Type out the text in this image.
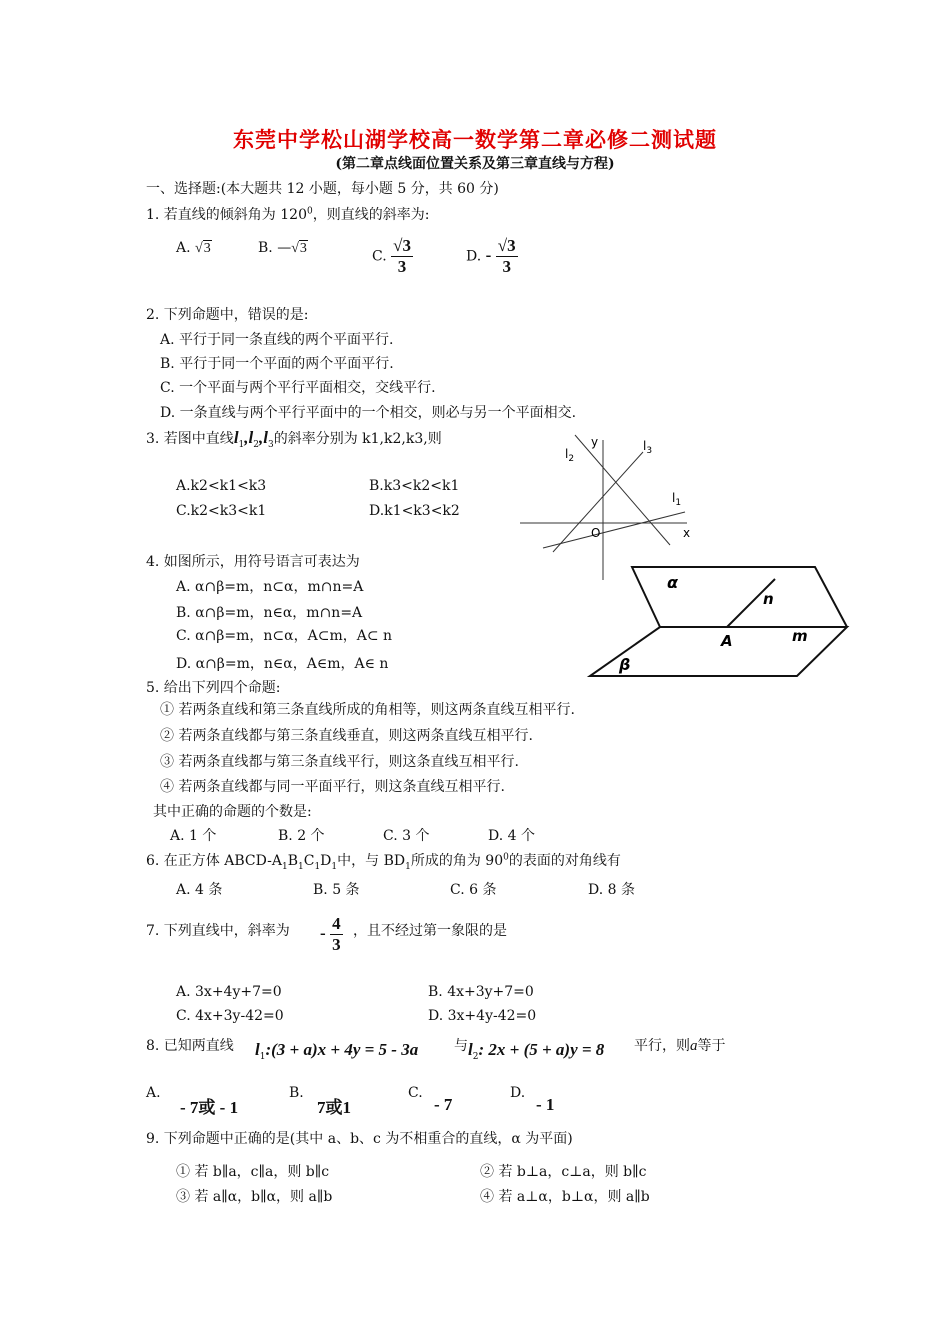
东莞中学松山湖学校高一数学第二章必修二测试题
(第二章点线面位置关系及第三章直线与方程)
一、选择题:(本大题共 12 小题，每小题 5 分，共 60 分)
1. 若直线的倾斜角为 $120^0$，则直线的斜率为:
A. √3	B. —√3	C. $\frac{√3}{3}$	D. - $\frac{√3}{3}$
2. 下列命题中，错误的是:
A. 平行于同一条直线的两个平面平行.
B. 平行于同一个平面的两个平面平行.
C. 一个平面与两个平行平面相交，交线平行.
D. 一条直线与两个平行平面中的一个相交，则必与另一个平面相交.
3. 若图中直线$l_1,l_2,l_3$的斜率分别为 k1,k2,k3,则
A.k2<k1<k3	B.k3<k2<k1
C.k2<k3<k1	D.k1<k3<k2
y
x
O
$l_2$
$l_3$
$l_1$
4. 如图所示，用符号语言可表达为
A. α∩β=m，n⊂α，m∩n=A
B. α∩β=m，n∈α，m∩n=A
C. α∩β=m，n⊂α，A⊂m，A⊂ n
D. α∩β=m，n∈α，A∈m，A∈ n
α
n
A	m
β
5. 给出下列四个命题:
① 若两条直线和第三条直线所成的角相等，则这两条直线互相平行.
② 若两条直线都与第三条直线垂直，则这两条直线互相平行.
③ 若两条直线都与第三条直线平行，则这条直线互相平行.
④ 若两条直线都与同一平面平行，则这条直线互相平行.
其中正确的命题的个数是:
A. 1 个	B. 2 个	C. 3 个	D. 4 个
6. 在正方体 ABCD-$A_1B_1C_1D_1$中，与 $BD_1$所成的角为 $90^0$的表面的对角线有
A. 4 条	B. 5 条	C. 6 条	D. 8 条
7. 下列直线中，斜率为 - $\frac{4}{3}$ ，且不经过第一象限的是
A. 3x+4y+7=0	B. 4x+3y+7=0
C. 4x+3y-42=0	D. 3x+4y-42=0
8. 已知两直线 $l_1:(3 + a)x + 4y = 5 - 3a$	与 $l_2$: 2x + (5 + a)y = 8 平行，则a等于
A.
- 7或 - 1
B.
7或1
C.
- 7
D.
- 1
9. 下列命题中正确的是(其中 a、b、c 为不相重合的直线，α 为平面)
① 若 b∥a，c∥a，则 b∥c	② 若 b⊥a，c⊥a，则 b∥c
③ 若 a∥α，b∥α，则 a∥b	④ 若 a⊥α，b⊥α，则 a∥b
